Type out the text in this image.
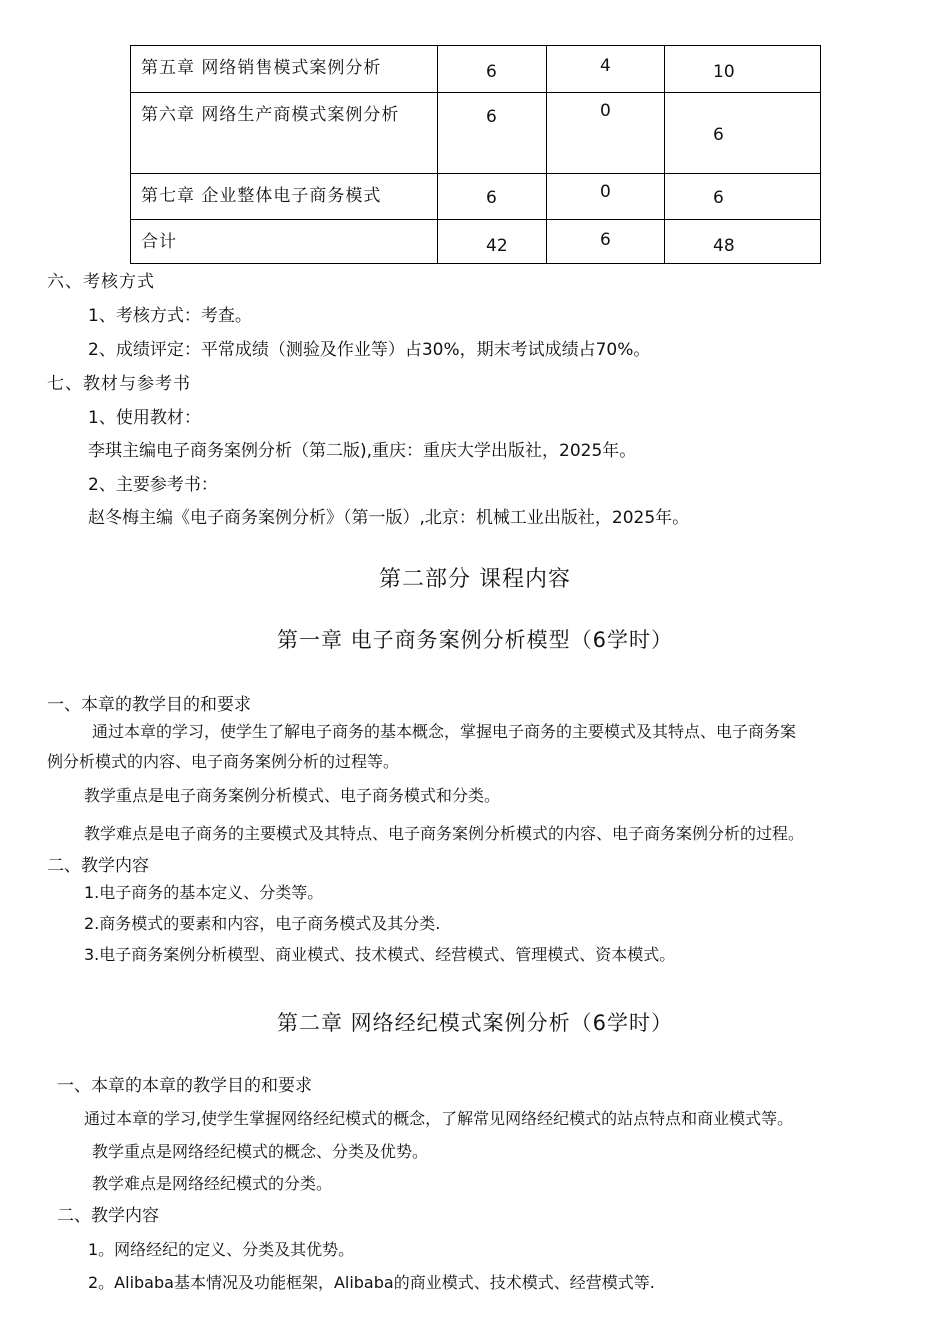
第五章 网络销售模式案例分析	6	4	10

第六章 网络生产商模式案例分析	6	0	6

第七章 企业整体电子商务模式	6	0	6

合计	42	6	48
六、考核方式
1、考核方式：考查。
2、成绩评定：平常成绩（测验及作业等）占30%，期末考试成绩占70%。
七、教材与参考书
1、使用教材：
李琪主编电子商务案例分析（第二版),重庆：重庆大学出版社，2025年。
2、主要参考书：
赵冬梅主编《电子商务案例分析》（第一版）,北京：机械工业出版社，2025年。
第二部分 课程内容
第一章 电子商务案例分析模型（6学时）
一、本章的教学目的和要求
通过本章的学习，使学生了解电子商务的基本概念，掌握电子商务的主要模式及其特点、电子商务案
例分析模式的内容、电子商务案例分析的过程等。
教学重点是电子商务案例分析模式、电子商务模式和分类。
教学难点是电子商务的主要模式及其特点、电子商务案例分析模式的内容、电子商务案例分析的过程。
二、教学内容
1.电子商务的基本定义、分类等。
2.商务模式的要素和内容，电子商务模式及其分类.
3.电子商务案例分析模型、商业模式、技术模式、经营模式、管理模式、资本模式。
第二章 网络经纪模式案例分析（6学时）
一、本章的本章的教学目的和要求
通过本章的学习,使学生掌握网络经纪模式的概念，了解常见网络经纪模式的站点特点和商业模式等。
教学重点是网络经纪模式的概念、分类及优势。
教学难点是网络经纪模式的分类。
二、教学内容
1。网络经纪的定义、分类及其优势。
2。Alibaba基本情况及功能框架，Alibaba的商业模式、技术模式、经营模式等.
